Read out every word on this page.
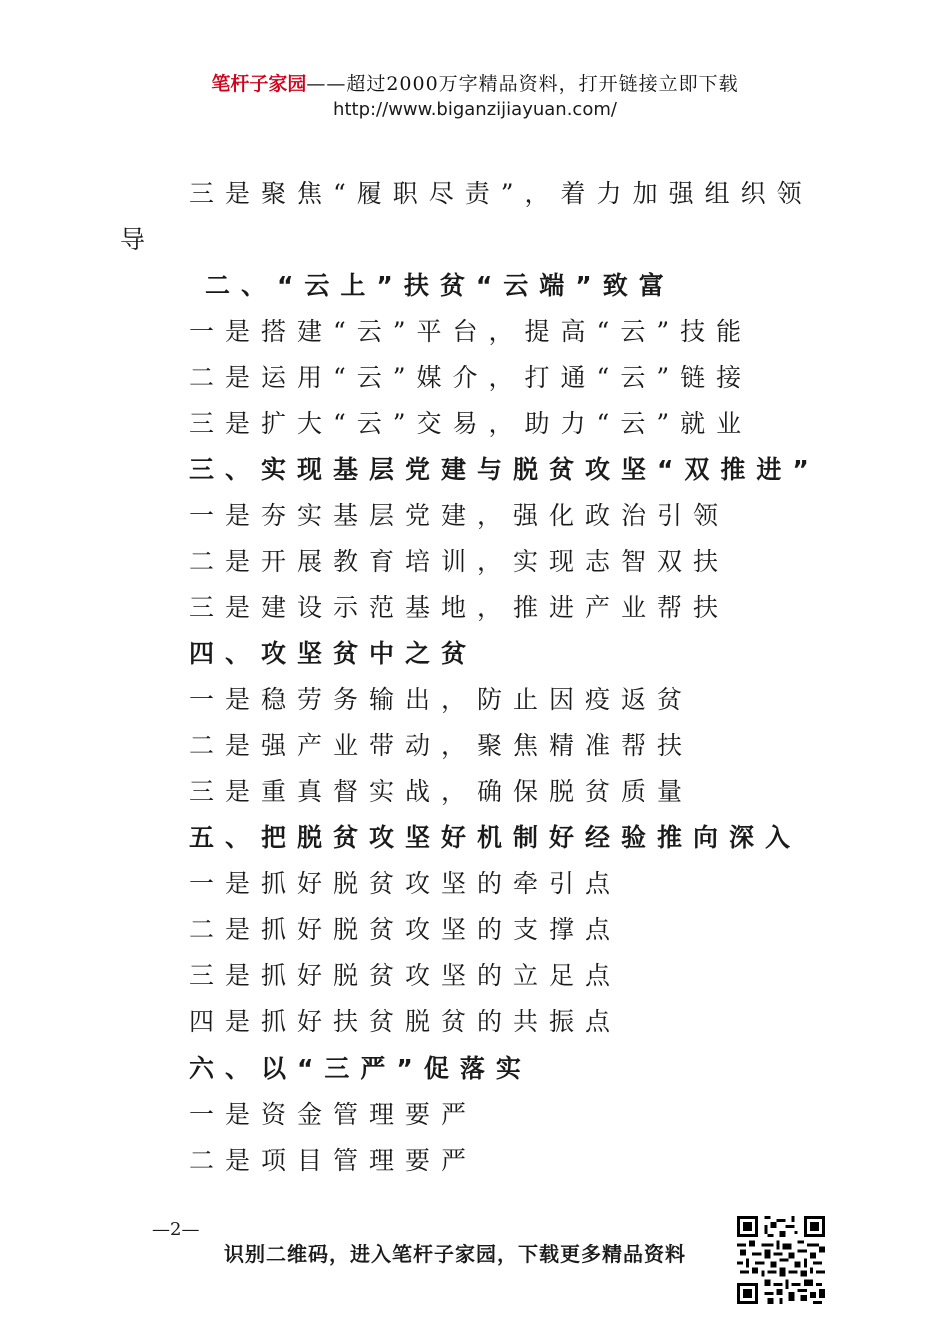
笔杆子家园——超过2000万字精品资料，打开链接立即下载
http://www.biganzijiayuan.com/
三是聚焦“履职尽责”，着力加强组织领
导
二、“云上”扶贫“云端”致富
一是搭建“云”平台，提高“云”技能
二是运用“云”媒介，打通“云”链接
三是扩大“云”交易，助力“云”就业
三、实现基层党建与脱贫攻坚“双推进”
一是夯实基层党建，强化政治引领
二是开展教育培训，实现志智双扶
三是建设示范基地，推进产业帮扶
四、攻坚贫中之贫
一是稳劳务输出，防止因疫返贫
二是强产业带动，聚焦精准帮扶
三是重真督实战，确保脱贫质量
五、把脱贫攻坚好机制好经验推向深入
一是抓好脱贫攻坚的牵引点
二是抓好脱贫攻坚的支撑点
三是抓好脱贫攻坚的立足点
四是抓好扶贫脱贫的共振点
六、以“三严”促落实
一是资金管理要严
二是项目管理要严
—2—
识别二维码，进入笔杆子家园，下载更多精品资料
